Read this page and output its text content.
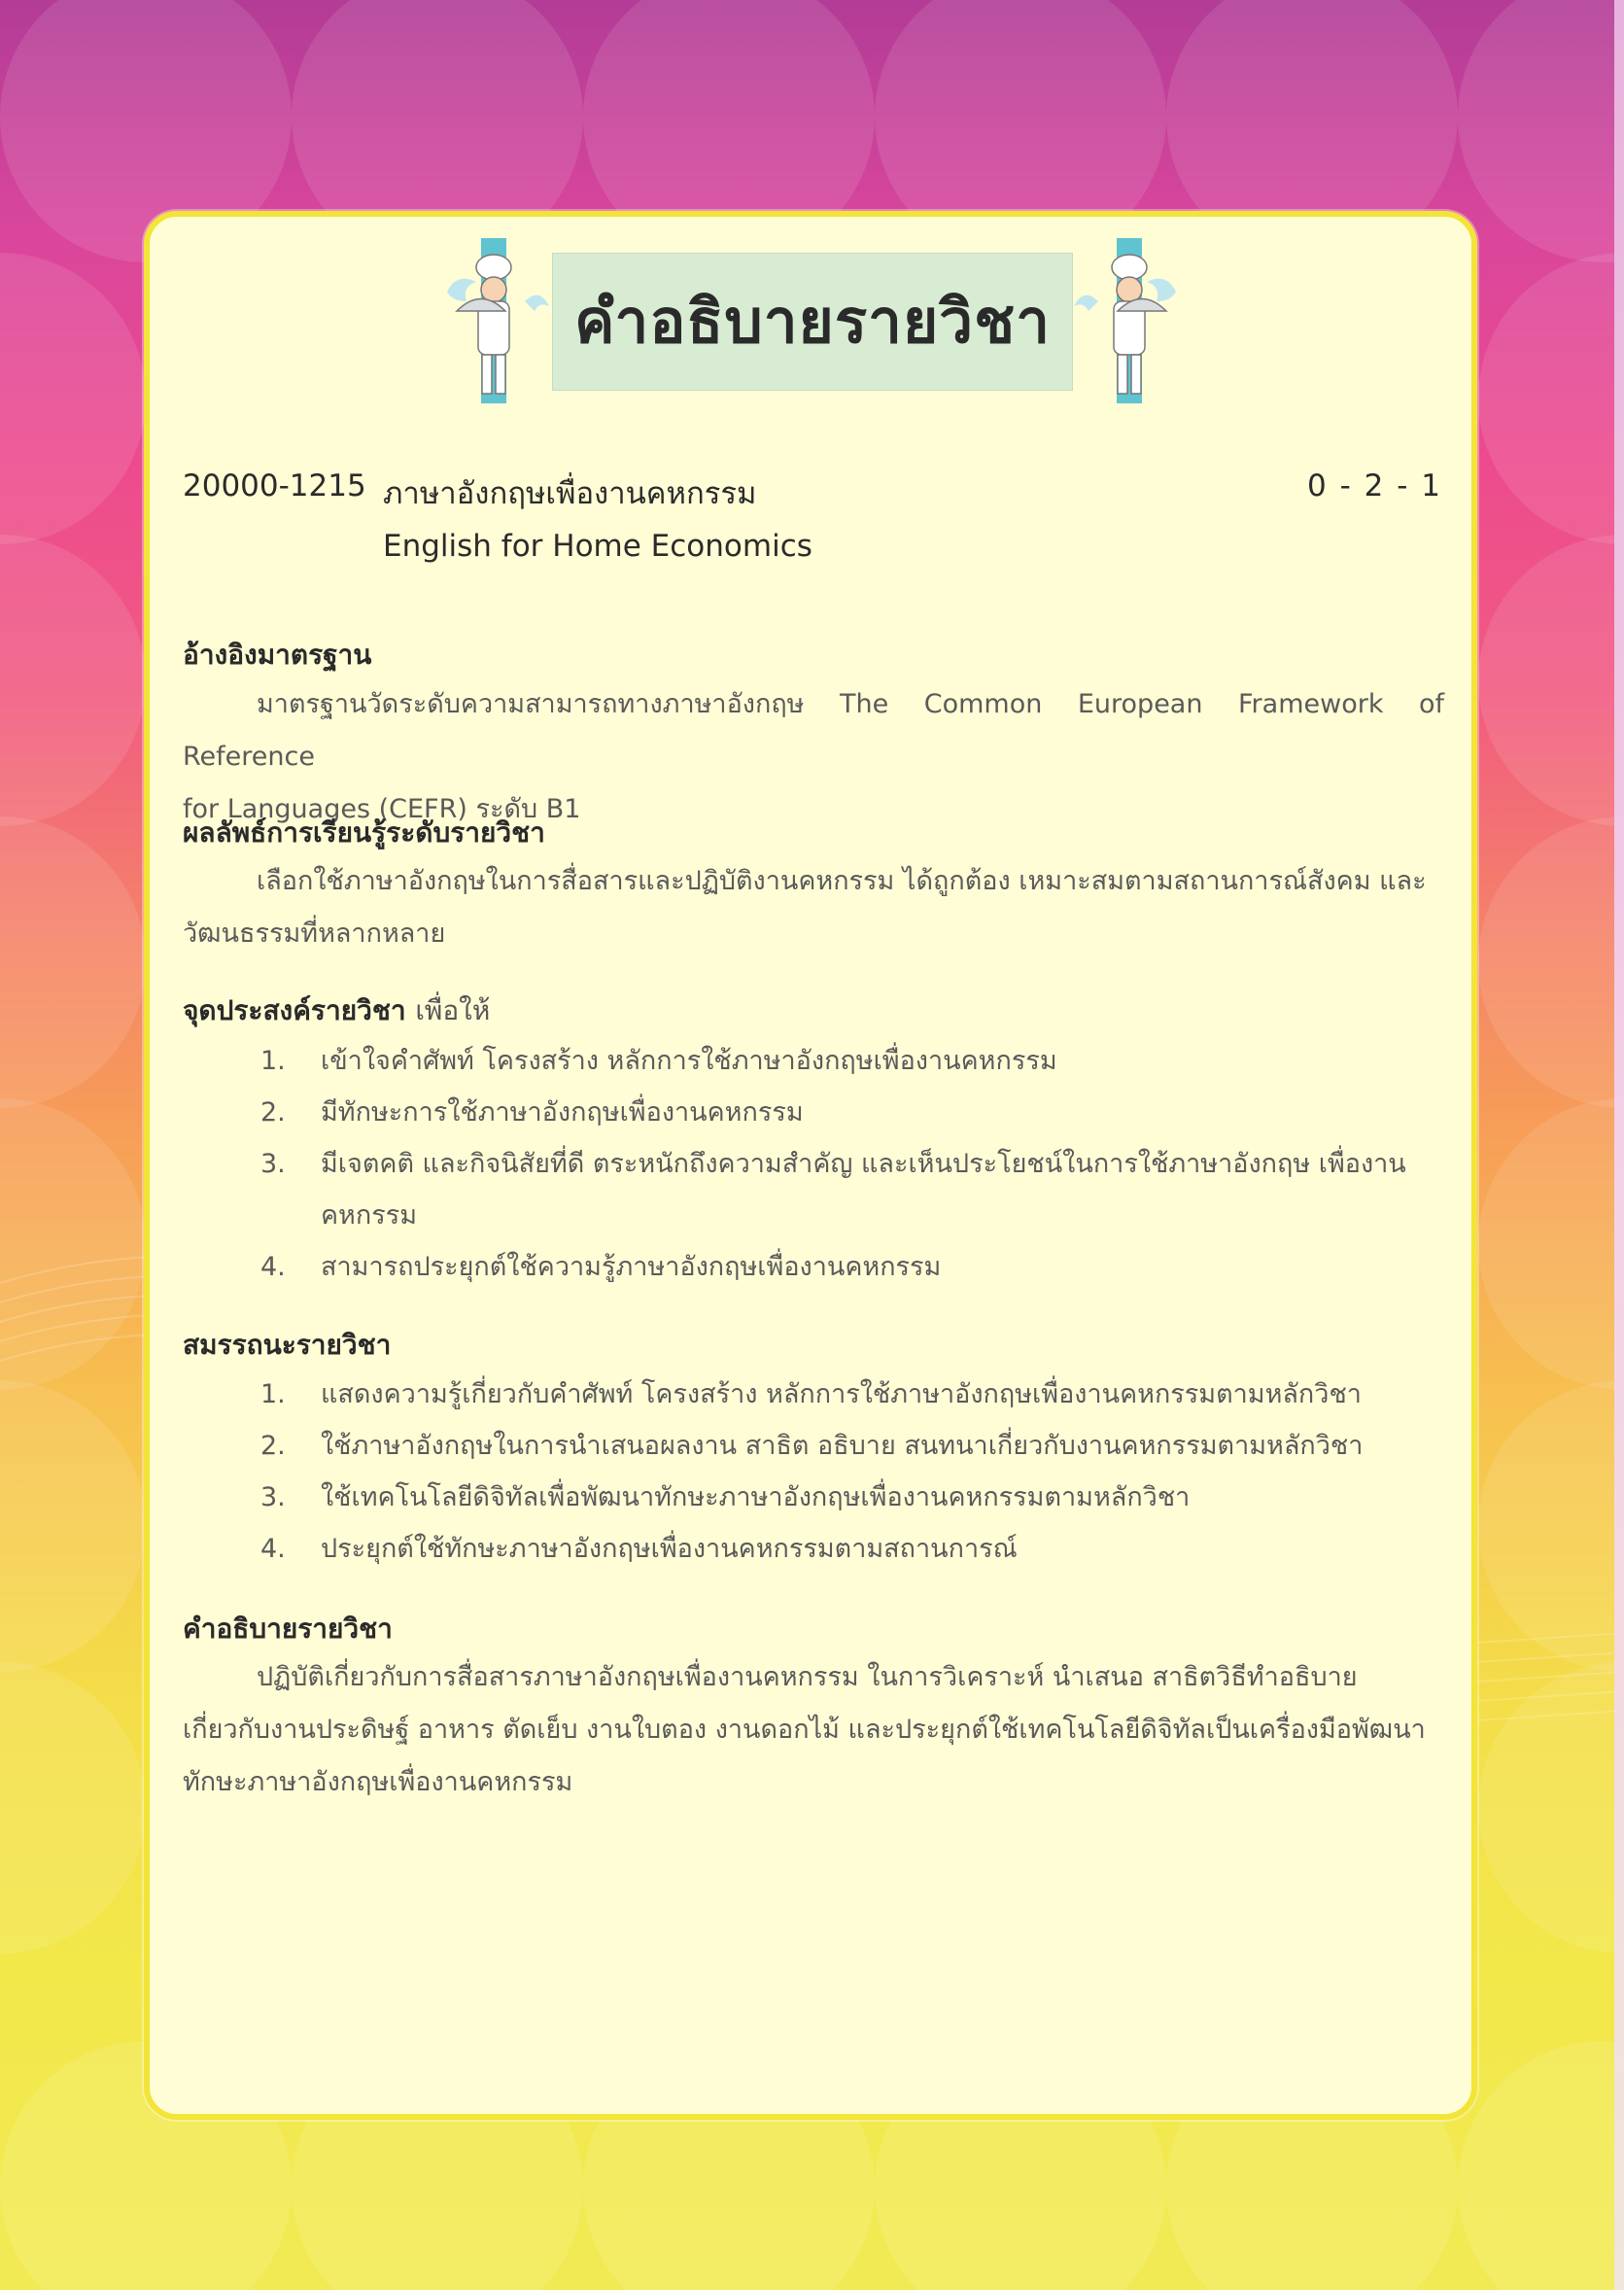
คำอธิบายรายวิชา
20000-1215 ภาษาอังกฤษเพื่องานคหกรรม	0 - 2 - 1
English for Home Economics
อ้างอิงมาตรฐาน
มาตรฐานวัดระดับความสามารถทางภาษาอังกฤษ The Common European Framework of Reference
for Languages (CEFR) ระดับ B1
ผลลัพธ์การเรียนรู้ระดับรายวิชา
เลือกใช้ภาษาอังกฤษในการสื่อสารและปฏิบัติงานคหกรรม ได้ถูกต้อง เหมาะสมตามสถานการณ์สังคม และ
วัฒนธรรมที่หลากหลาย
จุดประสงค์รายวิชา เพื่อให้
1. เข้าใจคำศัพท์ โครงสร้าง หลักการใช้ภาษาอังกฤษเพื่องานคหกรรม
2. มีทักษะการใช้ภาษาอังกฤษเพื่องานคหกรรม
3. มีเจตคติ และกิจนิสัยที่ดี ตระหนักถึงความสำคัญ และเห็นประโยชน์ในการใช้ภาษาอังกฤษ เพื่องาน
คหกรรม
4. สามารถประยุกต์ใช้ความรู้ภาษาอังกฤษเพื่องานคหกรรม
สมรรถนะรายวิชา
1. แสดงความรู้เกี่ยวกับคำศัพท์ โครงสร้าง หลักการใช้ภาษาอังกฤษเพื่องานคหกรรมตามหลักวิชา
2. ใช้ภาษาอังกฤษในการนำเสนอผลงาน สาธิต อธิบาย สนทนาเกี่ยวกับงานคหกรรมตามหลักวิชา
3. ใช้เทคโนโลยีดิจิทัลเพื่อพัฒนาทักษะภาษาอังกฤษเพื่องานคหกรรมตามหลักวิชา
4. ประยุกต์ใช้ทักษะภาษาอังกฤษเพื่องานคหกรรมตามสถานการณ์
คำอธิบายรายวิชา
ปฏิบัติเกี่ยวกับการสื่อสารภาษาอังกฤษเพื่องานคหกรรม ในการวิเคราะห์ นำเสนอ สาธิตวิธีทำอธิบาย
เกี่ยวกับงานประดิษฐ์ อาหาร ตัดเย็บ งานใบตอง งานดอกไม้ และประยุกต์ใช้เทคโนโลยีดิจิทัลเป็นเครื่องมือพัฒนา
ทักษะภาษาอังกฤษเพื่องานคหกรรม
